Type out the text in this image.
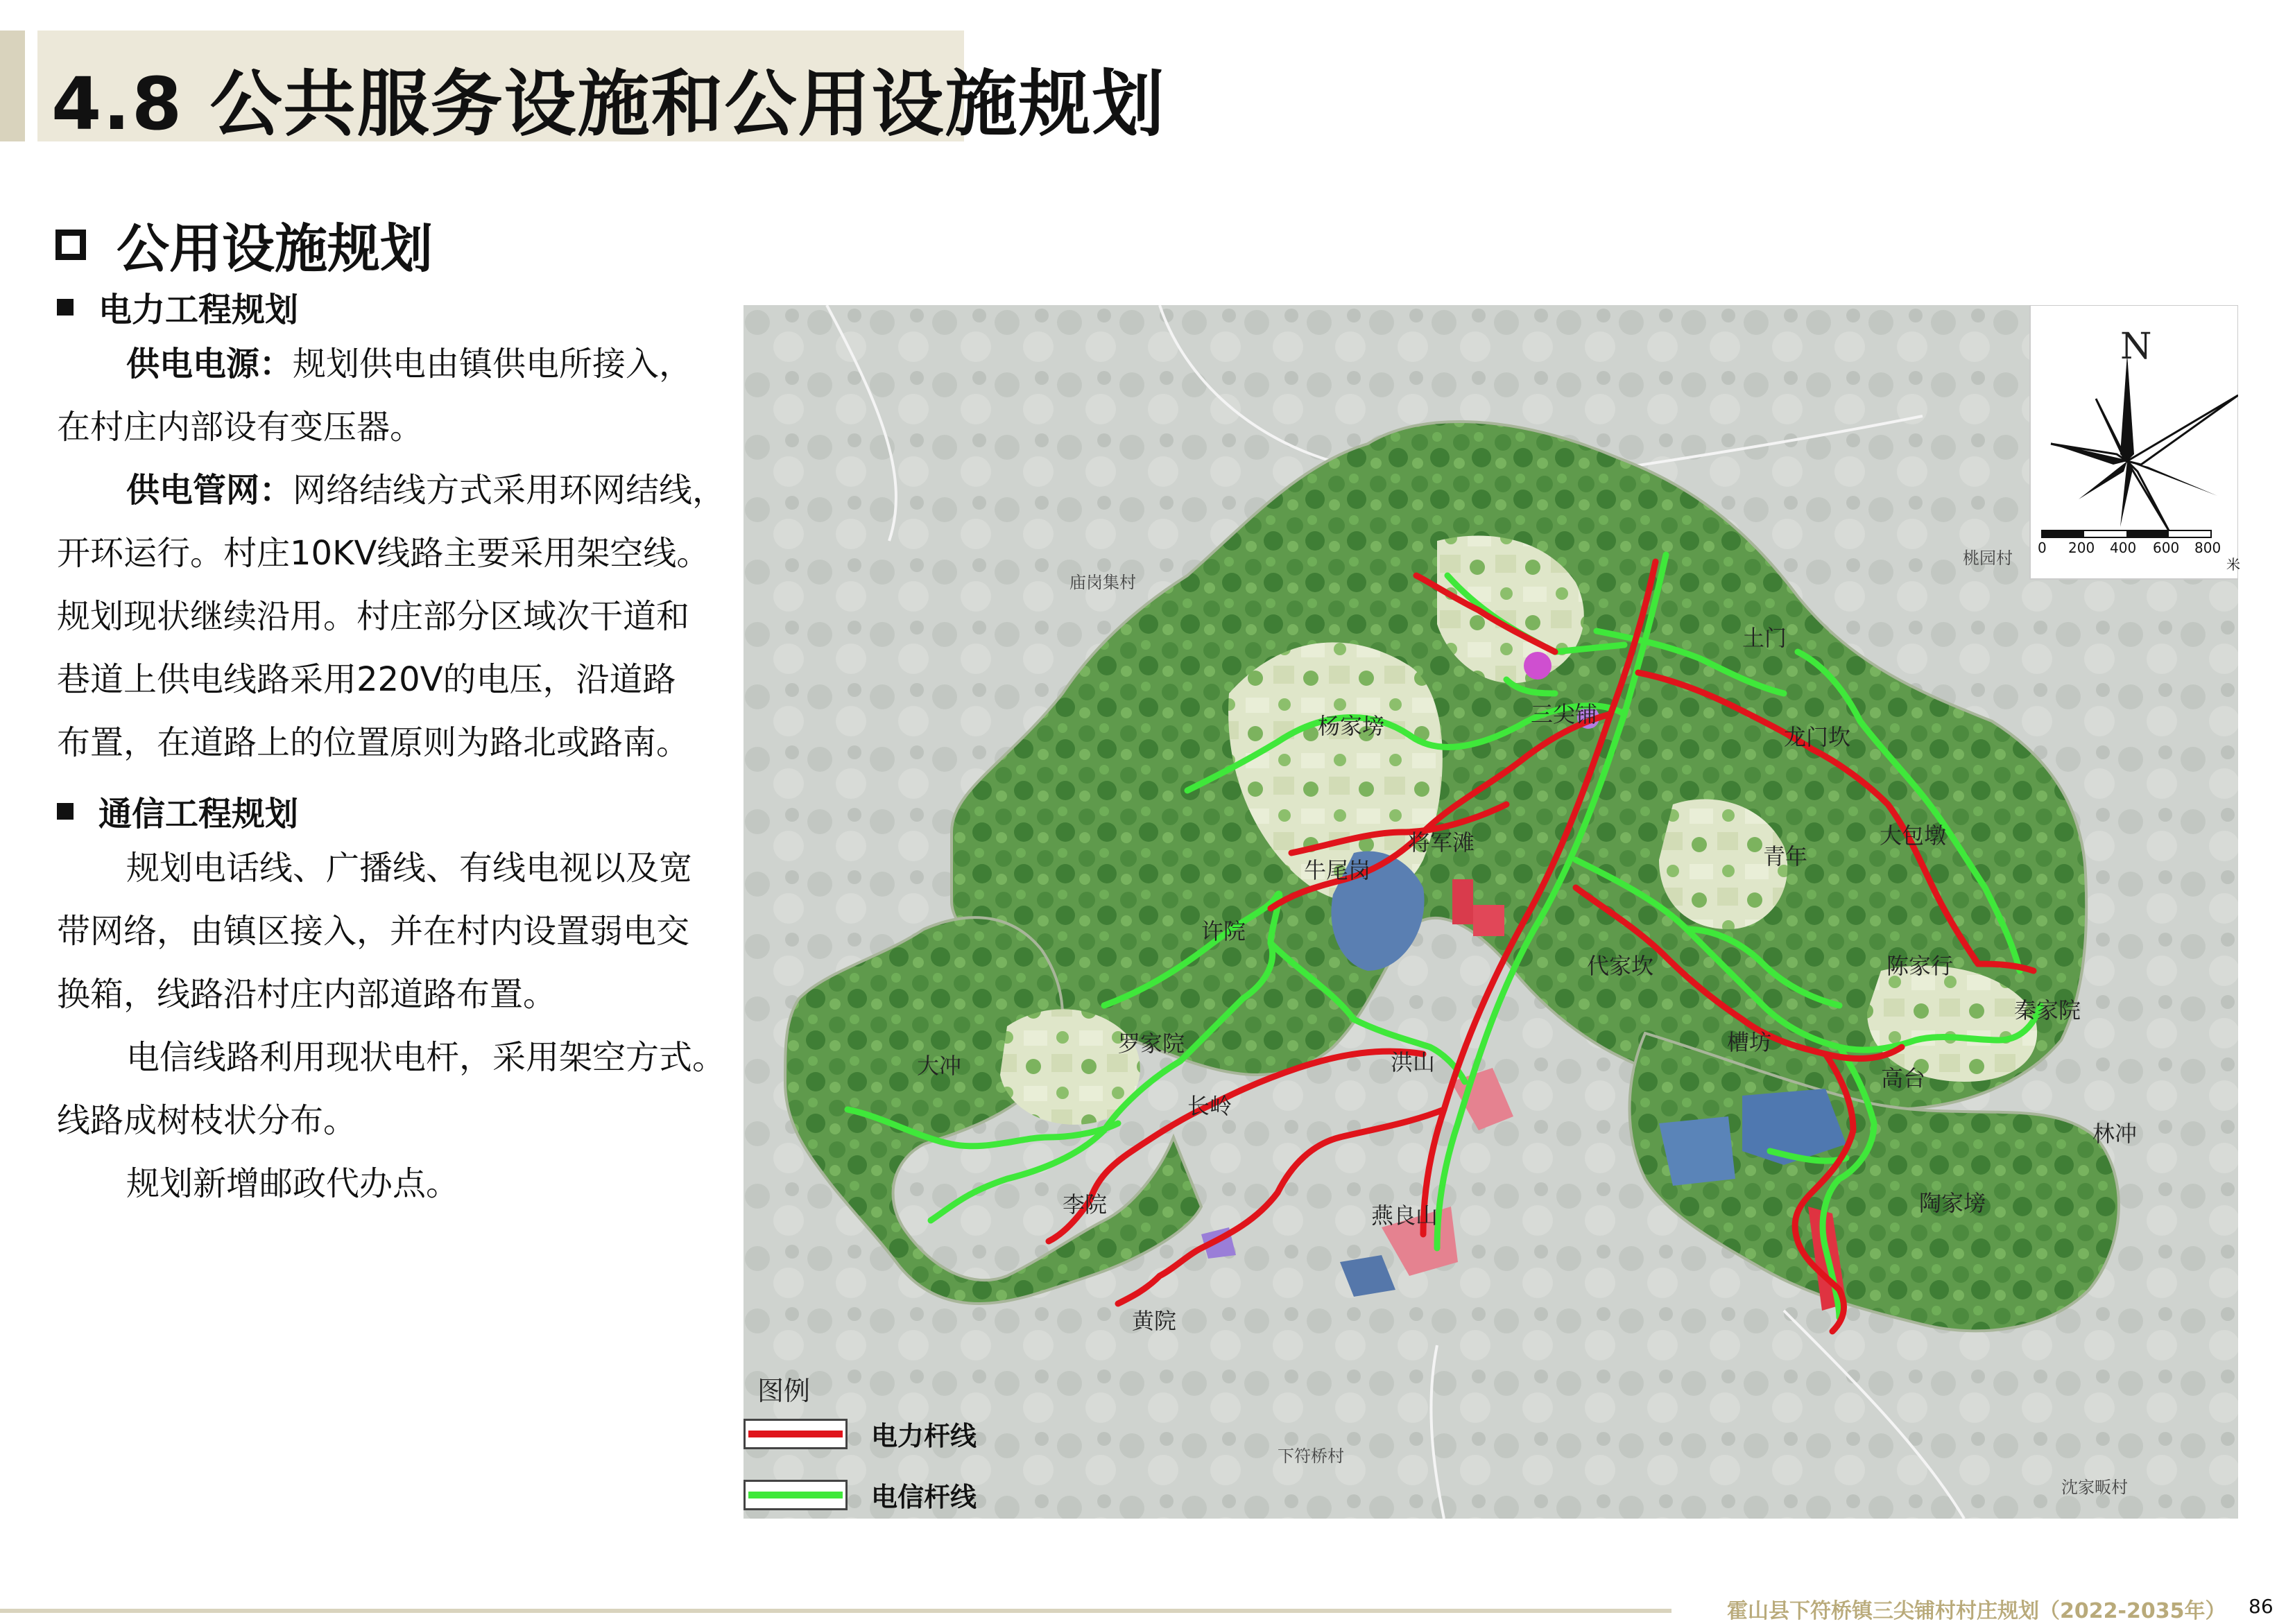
4.8 公共服务设施和公用设施规划
公用设施规划
电力工程规划
供电电源：规划供电由镇供电所接入，
在村庄内部设有变压器。
供电管网：网络结线方式采用环网结线，
开环运行。村庄10KV线路主要采用架空线。
规划现状继续沿用。村庄部分区域次干道和
巷道上供电线路采用220V的电压，沿道路
布置，在道路上的位置原则为路北或路南。
通信工程规划
规划电话线、广播线、有线电视以及宽
带网络，由镇区接入，并在村内设置弱电交
换箱，线路沿村庄内部道路布置。
电信线路利用现状电杆，采用架空方式。
线路成树枝状分布。
规划新增邮政代办点。
N
0 200 400 600 800
米
庙岗集村
桃园村
下符桥村
沈家畈村
土门
三尖铺
龙门坎
杨家塝
大包墩
青年
将军滩
牛尾岗
许院
代家坎	陈家行
秦家院
大冲
罗家院
洪山
槽坊
高台
长岭
林冲
李院	燕良山	陶家塝
黄院
图例
电力杆线
电信杆线
霍山县下符桥镇三尖铺村村庄规划（2022-2035年） 86
